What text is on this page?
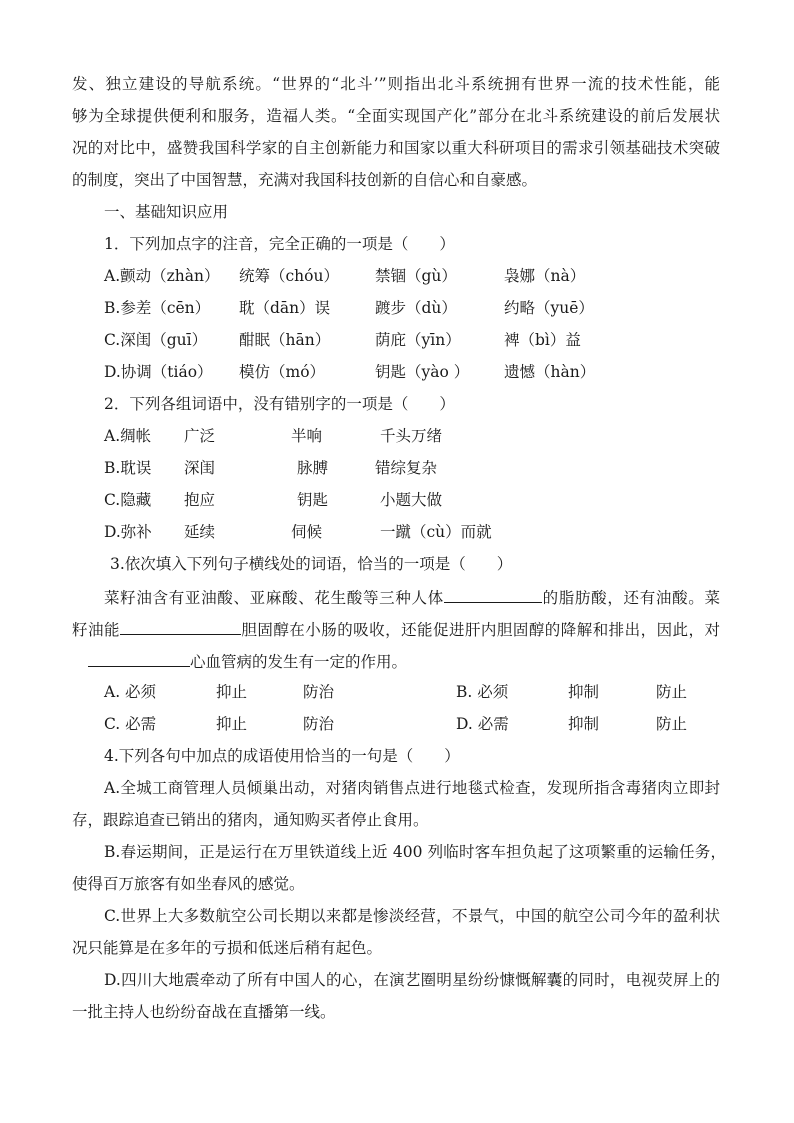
发、独立建设的导航系统。“世界的“北斗’”则指出北斗系统拥有世界一流的技术性能，能
够为全球提供便利和服务，造福人类。“全面实现国产化”部分在北斗系统建设的前后发展状
况的对比中，盛赞我国科学家的自主创新能力和国家以重大科研项目的需求引领基础技术突破
的制度，突出了中国智慧，充满对我国科技创新的自信心和自豪感。
一、基础知识应用
1．下列加点字的注音，完全正确的一项是（　　）
A.颤动（zhàn） 统筹（chóu） 禁锢（gù）	袅娜（nà）
B.参差（cēn） 耽（dān）误	踱步（dù）	约略（yuē）
C.深闺（guī） 酣眠（hān）	荫庇（yīn）	裨（bì）益
D.协调（tiáo） 模仿（mó）	钥匙（yào ） 遗憾（hàn）
2．下列各组词语中，没有错别字的一项是（　　）
A.绸帐 广泛	半响	千头万绪
B.耽误 深闺	脉膊	错综复杂
C.隐藏 抱应	钥匙	小题大做
D.弥补 延续	伺候	一蹴（cù）而就
3.依次填入下列句子横线处的词语，恰当的一项是（　　）
菜籽油含有亚油酸、亚麻酸、花生酸等三种人体	的脂肪酸，还有油酸。菜
籽油能	胆固醇在小肠的吸收，还能促进肝内胆固醇的降解和排出，因此，对
心血管病的发生有一定的作用。
A. 必须	抑止	防治	B. 必须	抑制	防止
C. 必需	抑止	防治	D. 必需	抑制	防止
4.下列各句中加点的成语使用恰当的一句是（　　）
A.全城工商管理人员倾巢出动，对猪肉销售点进行地毯式检查，发现所指含毒猪肉立即封
存，跟踪追查已销出的猪肉，通知购买者停止食用。
B.春运期间，正是运行在万里铁道线上近 400 列临时客车担负起了这项繁重的运输任务，
使得百万旅客有如坐春风的感觉。
C.世界上大多数航空公司长期以来都是惨淡经营，不景气，中国的航空公司今年的盈利状
况只能算是在多年的亏损和低迷后稍有起色。
D.四川大地震牵动了所有中国人的心，在演艺圈明星纷纷慷慨解囊的同时，电视荧屏上的
一批主持人也纷纷奋战在直播第一线。
